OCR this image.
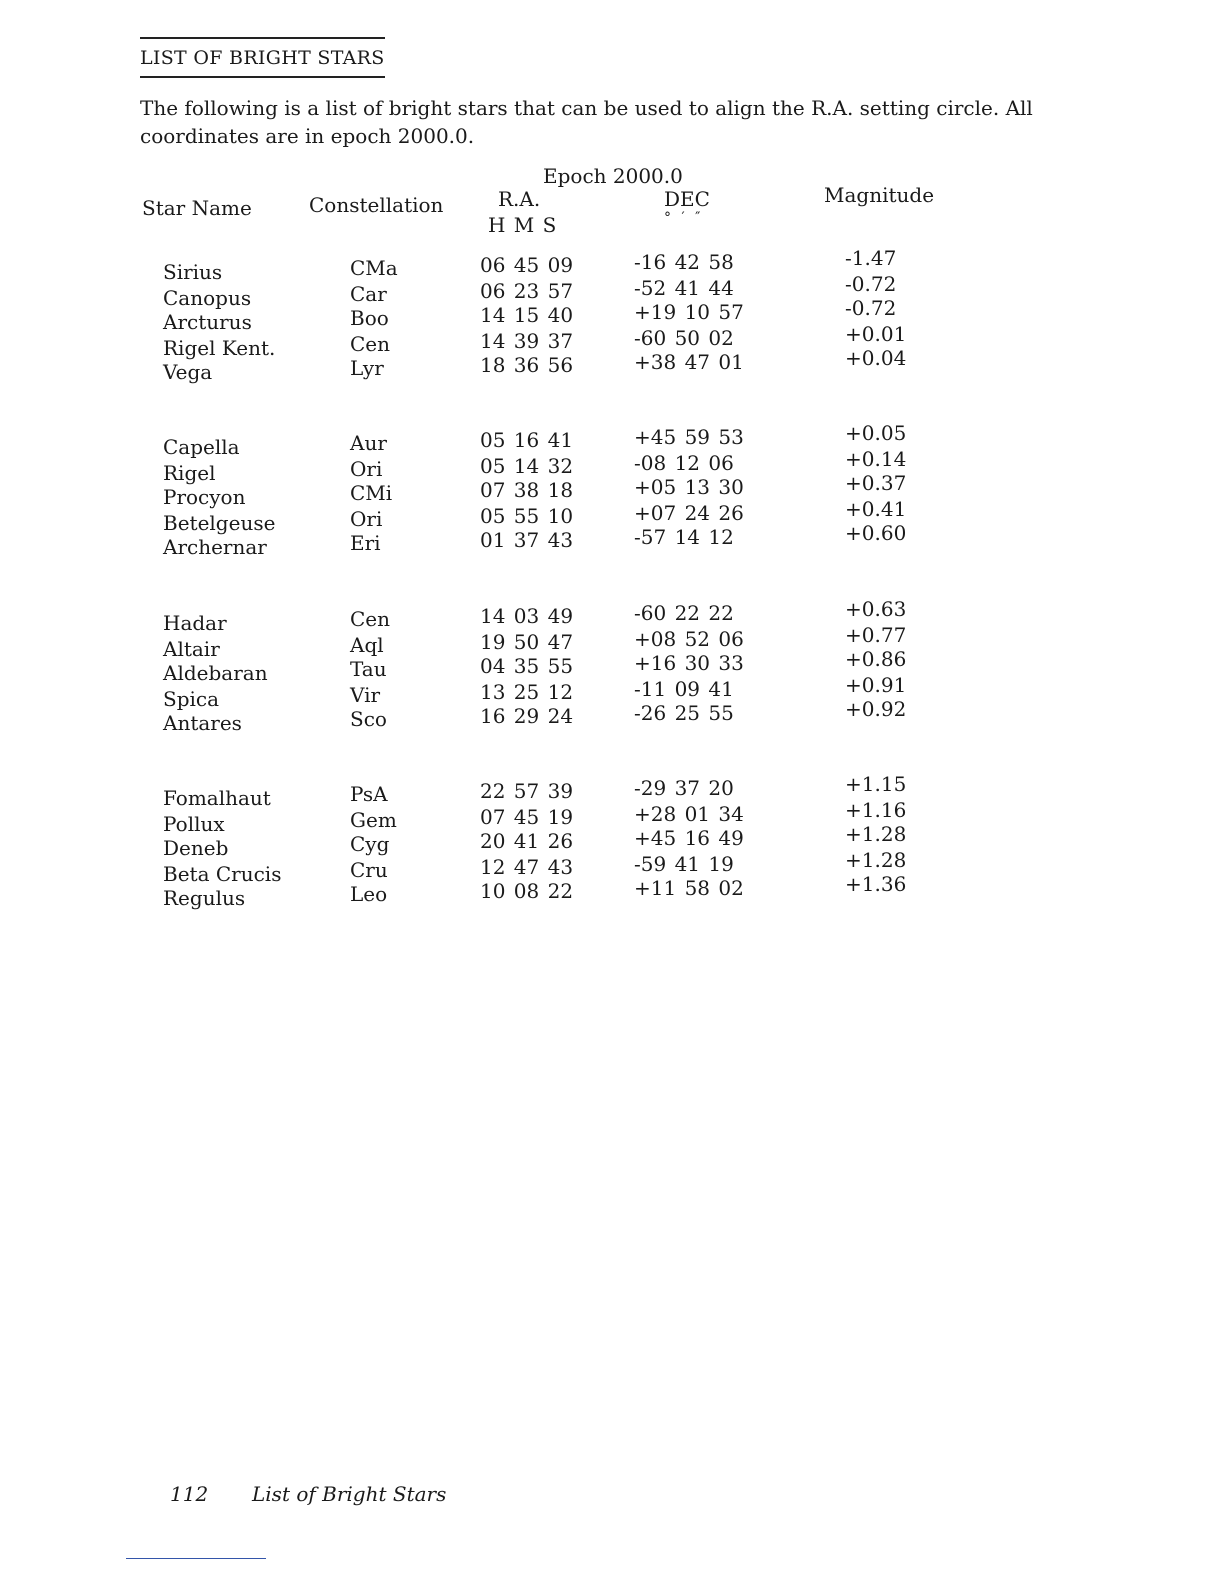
LIST OF BRIGHT STARS
The following is a list of bright stars that can be used to align the R.A. setting circle. All coordinates are in epoch 2000.0.
Epoch 2000.0
Star Name	Constellation	R.A.
H M S
DEC
° ′ ″
Magnitude
Sirius	CMa	06 45 09	-16 42 58	-1.47
Canopus	Car	06 23 57	-52 41 44	-0.72
Arcturus	Boo	14 15 40	+19 10 57	-0.72
Rigel Kent.	Cen	14 39 37	-60 50 02	+0.01
Vega	Lyr	18 36 56	+38 47 01	+0.04
Capella	Aur	05 16 41	+45 59 53	+0.05
Rigel	Ori	05 14 32	-08 12 06	+0.14
Procyon	CMi	07 38 18	+05 13 30	+0.37
Betelgeuse	Ori	05 55 10	+07 24 26	+0.41
Archernar	Eri	01 37 43	-57 14 12	+0.60
Hadar	Cen	14 03 49	-60 22 22	+0.63
Altair	Aql	19 50 47	+08 52 06	+0.77
Aldebaran	Tau	04 35 55	+16 30 33	+0.86
Spica	Vir	13 25 12	-11 09 41	+0.91
Antares	Sco	16 29 24	-26 25 55	+0.92
Fomalhaut	PsA	22 57 39	-29 37 20	+1.15
Pollux	Gem	07 45 19	+28 01 34	+1.16
Deneb	Cyg	20 41 26	+45 16 49	+1.28
Beta Crucis	Cru	12 47 43	-59 41 19	+1.28
Regulus	Leo	10 08 22	+11 58 02	+1.36
112 List of Bright Stars
